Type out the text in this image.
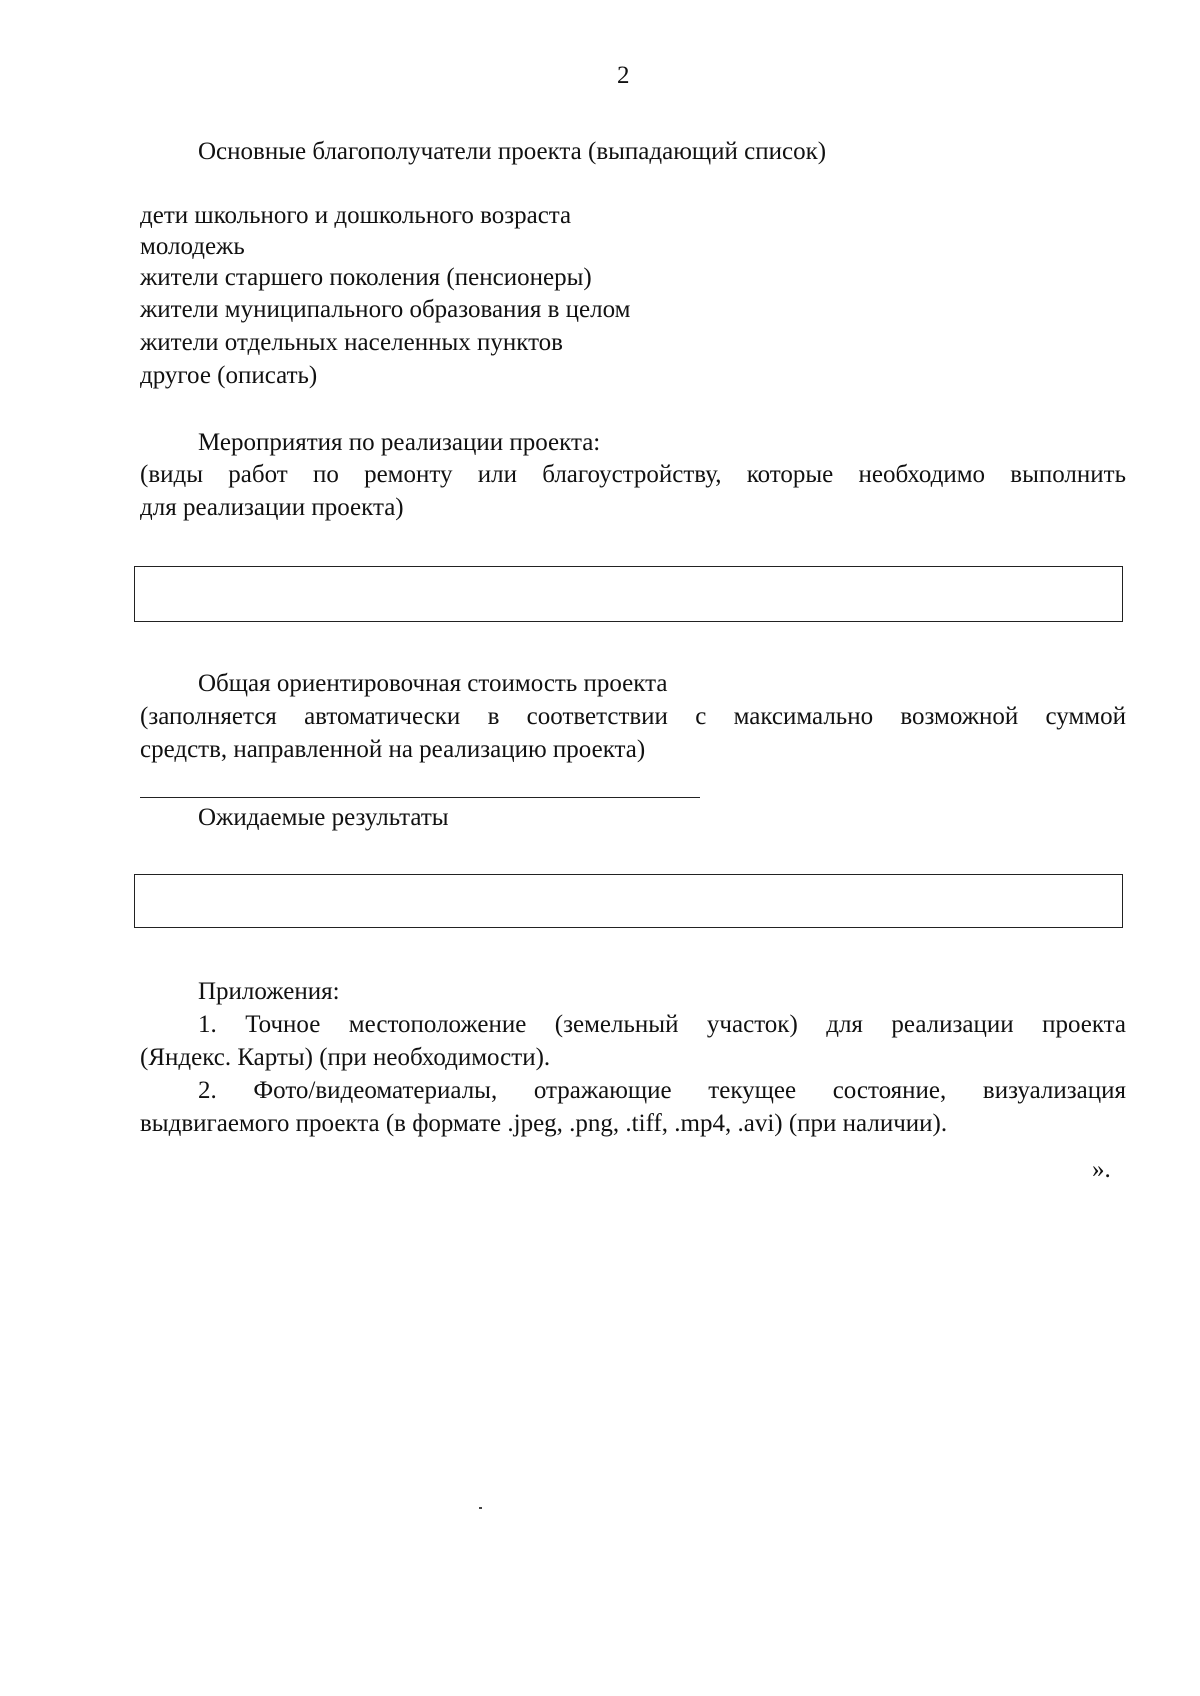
2
Основные благополучатели проекта (выпадающий список)
дети школьного и дошкольного возраста
молодежь
жители старшего поколения (пенсионеры)
жители муниципального образования в целом
жители отдельных населенных пунктов
другое (описать)
Мероприятия по реализации проекта:
(виды работ по ремонту или благоустройству, которые необходимо выполнить
для реализации проекта)
Общая ориентировочная стоимость проекта
(заполняется автоматически в соответствии с максимально возможной суммой
средств, направленной на реализацию проекта)
Ожидаемые результаты
Приложения:
1. Точное местоположение (земельный участок) для реализации проекта
(Яндекс. Карты) (при необходимости).
2. Фото/видеоматериалы, отражающие текущее состояние, визуализация
выдвигаемого проекта (в формате .jpeg, .png, .tiff, .mp4, .avi) (при наличии).
».
